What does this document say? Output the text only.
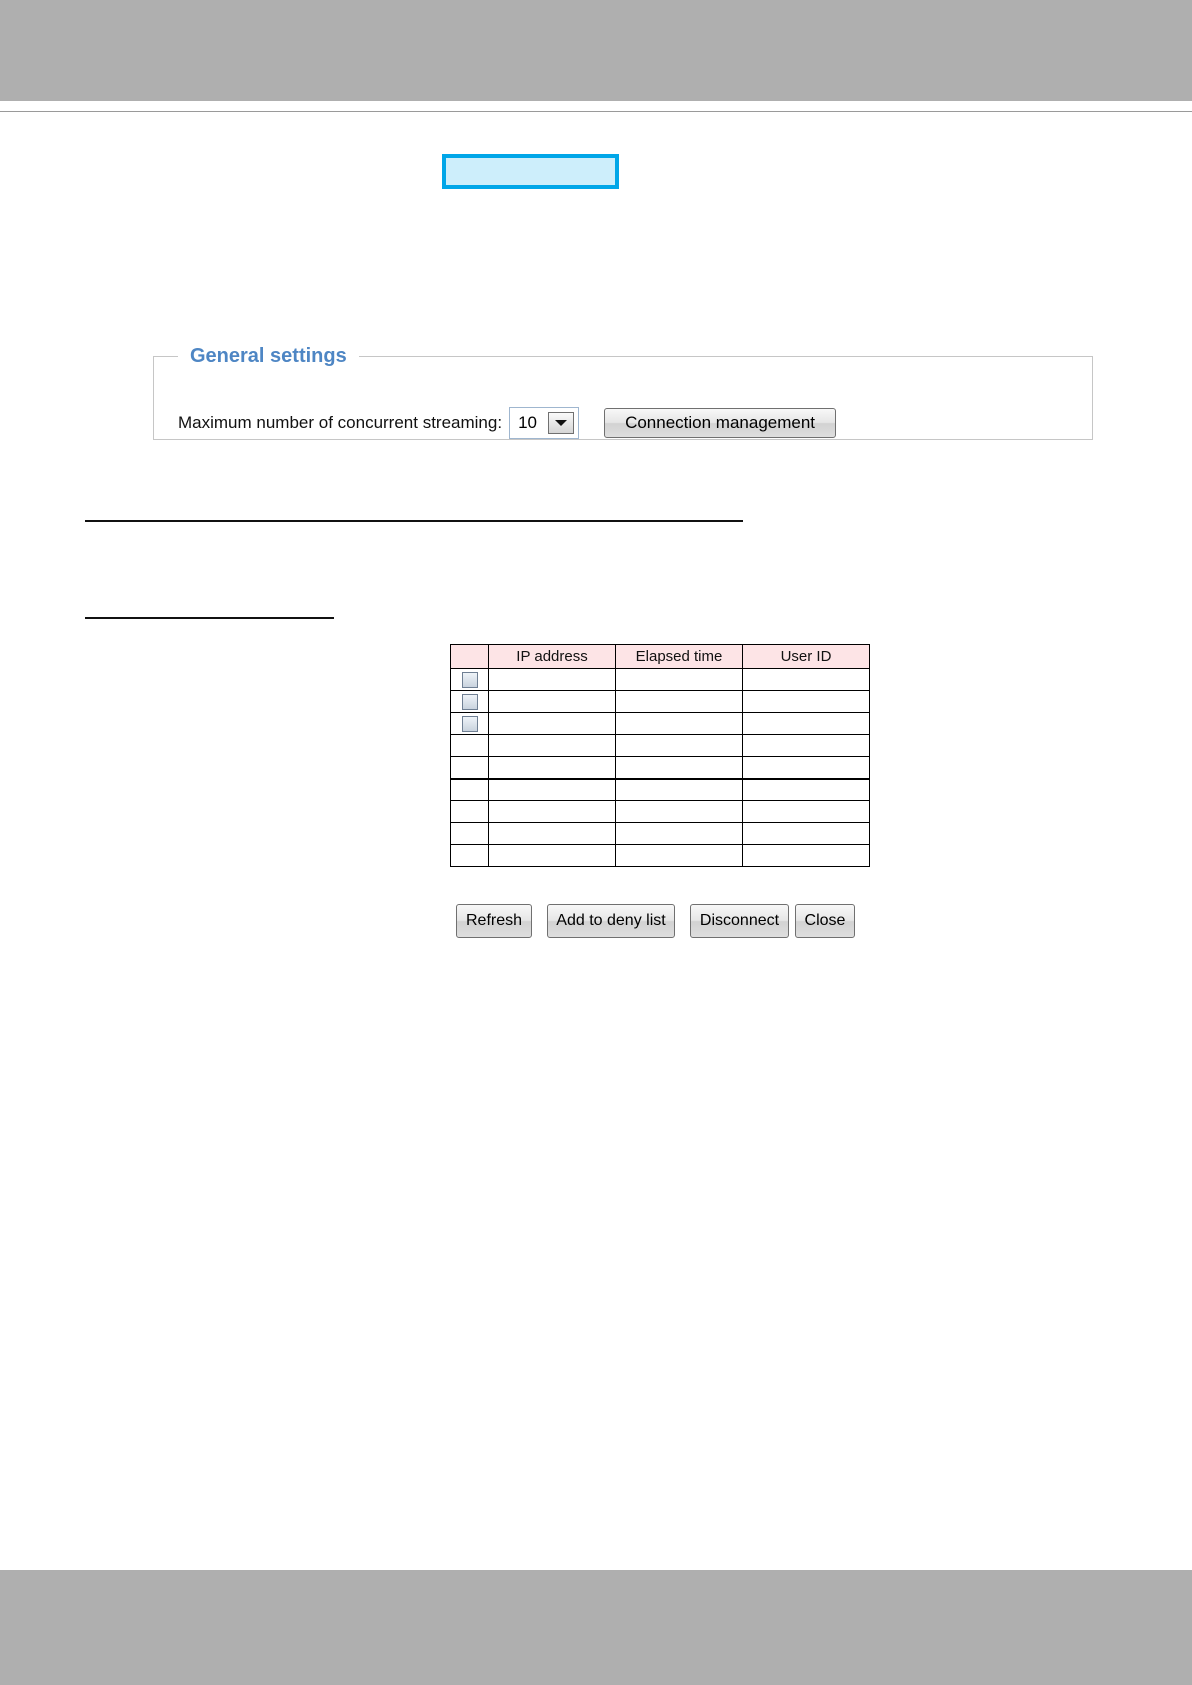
General settings
Maximum number of concurrent streaming: 10	Connection management
	IP address	Elapsed time	User ID

Refresh	Add to deny list	Disconnect	Close
